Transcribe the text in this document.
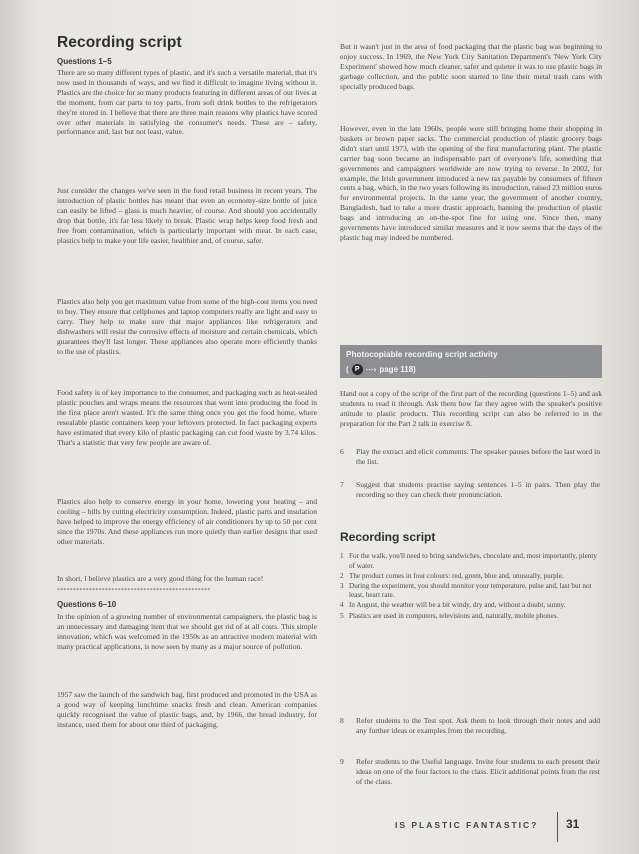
Recording script
Questions 1–5

There are so many different types of plastic, and it's such a versatile material, that it's now used in thousands of ways, and we find it difficult to imagine living without it. Plastics are the choice for so many products featuring in different areas of our lives at the moment, from car parts to toy parts, from soft drink bottles to the refrigerators they're stored in. I believe that there are three main reasons why plastics have scored over other materials in satisfying the consumer's needs. These are – safety, performance and, last but not least, value.

Just consider the changes we've seen in the food retail business in recent years. The introduction of plastic bottles has meant that even an economy-size bottle of juice can easily be lifted – glass is much heavier, of course. And should you accidentally drop that bottle, it's far less likely to break. Plastic wrap helps keep food fresh and free from contamination, which is particularly important with meat. In each case, plastics help to make your life easier, healthier and, of course, safer.

Plastics also help you get maximum value from some of the high-cost items you need to buy. They ensure that cellphones and laptop computers really are light and easy to carry. They help to make sure that major appliances like refrigerators and dishwashers will resist the corrosive effects of moisture and certain chemicals, which guarantees they'll last longer. These appliances also operate more efficiently thanks to the use of plastics.

Food safety is of key importance to the consumer, and packaging such as heat-sealed plastic pouches and wraps means the resources that went into producing the food in the first place aren't wasted. It's the same thing once you get the food home, where resealable plastic containers keep your leftovers protected. In fact packaging experts have estimated that every kilo of plastic packaging can cut food waste by 3.74 kilos. That's a statistic that very few people are aware of.

Plastics also help to conserve energy in your home, lowering your heating – and cooling – bills by cutting electricity consumption. Indeed, plastic parts and insulation have helped to improve the energy efficiency of air conditioners by up to 50 per cent since the 1970s. And these appliances run more quietly than earlier designs that used other materials.

In short, I believe plastics are a very good thing for the human race!

************************************************
Questions 6–10

In the opinion of a growing number of environmental campaigners, the plastic bag is an unnecessary and damaging item that we should get rid of at all costs. This simple innovation, which was welcomed in the 1950s as an attractive modern material with many practical applications, is now seen by many as a major source of pollution.

1957 saw the launch of the sandwich bag, first produced and promoted in the USA as a good way of keeping lunchtime snacks fresh and clean. American companies quickly recognised the value of plastic bags, and, by 1966, the bread industry, for instance, used them for about one third of packaging.

But it wasn't just in the area of food packaging that the plastic bag was beginning to enjoy success. In 1969, the New York City Sanitation Department's 'New York City Experiment' showed how much cleaner, safer and quieter it was to use plastic bags in garbage collection, and the public soon started to line their metal trash cans with specially produced bags.

However, even in the late 1960s, people were still bringing home their shopping in baskets or brown paper sacks. The commercial production of plastic grocery bags didn't start until 1973, with the opening of the first manufacturing plant. The plastic carrier bag soon became an indispensable part of everyone's life, something that governments and campaigners worldwide are now trying to reverse. In 2002, for example, the Irish government introduced a new tax payable by consumers of fifteen cents a bag, which, in the two years following its introduction, raised 23 million euros for environmental projects. In the same year, the government of another country, Bangladesh, had to take a more drastic approach, banning the production of plastic bags and introducing an on-the-spot fine for using one. Since then, many governments have introduced similar measures and it now seems that the days of the plastic bag may indeed be numbered.

Photocopiable recording script activity
( P ⋯› page 118)

Hand out a copy of the script of the first part of the recording (questions 1–5) and ask students to read it through. Ask them how far they agree with the speaker's positive attitude to plastic products. This recording script can also be referred to in the preparation for the Part 2 talk in exercise 8.

6 Play the extract and elicit comments. The speaker pauses before the last word in the list.
7 Suggest that students practise saying sentences 1–5 in pairs. Then play the recording so they can check their pronunciation.
Recording script
1 For the walk, you'll need to bring sandwiches, chocolate and, most importantly, plenty of water.
2 The product comes in four colours: red, green, blue and, unusually, purple.
3 During the experiment, you should monitor your temperature, pulse and, last but not least, heart rate.
4 In August, the weather will be a bit windy, dry and, without a doubt, sunny.
5 Plastics are used in computers, televisions and, naturally, mobile phones.
8 Refer students to the Test spot. Ask them to look through their notes and add any further ideas or examples from the recording.
9 Refer students to the Useful language. Invite four students to each present their ideas on one of the four factors to the class. Elicit additional points from the rest of the class.
IS PLASTIC FANTASTIC? 31
